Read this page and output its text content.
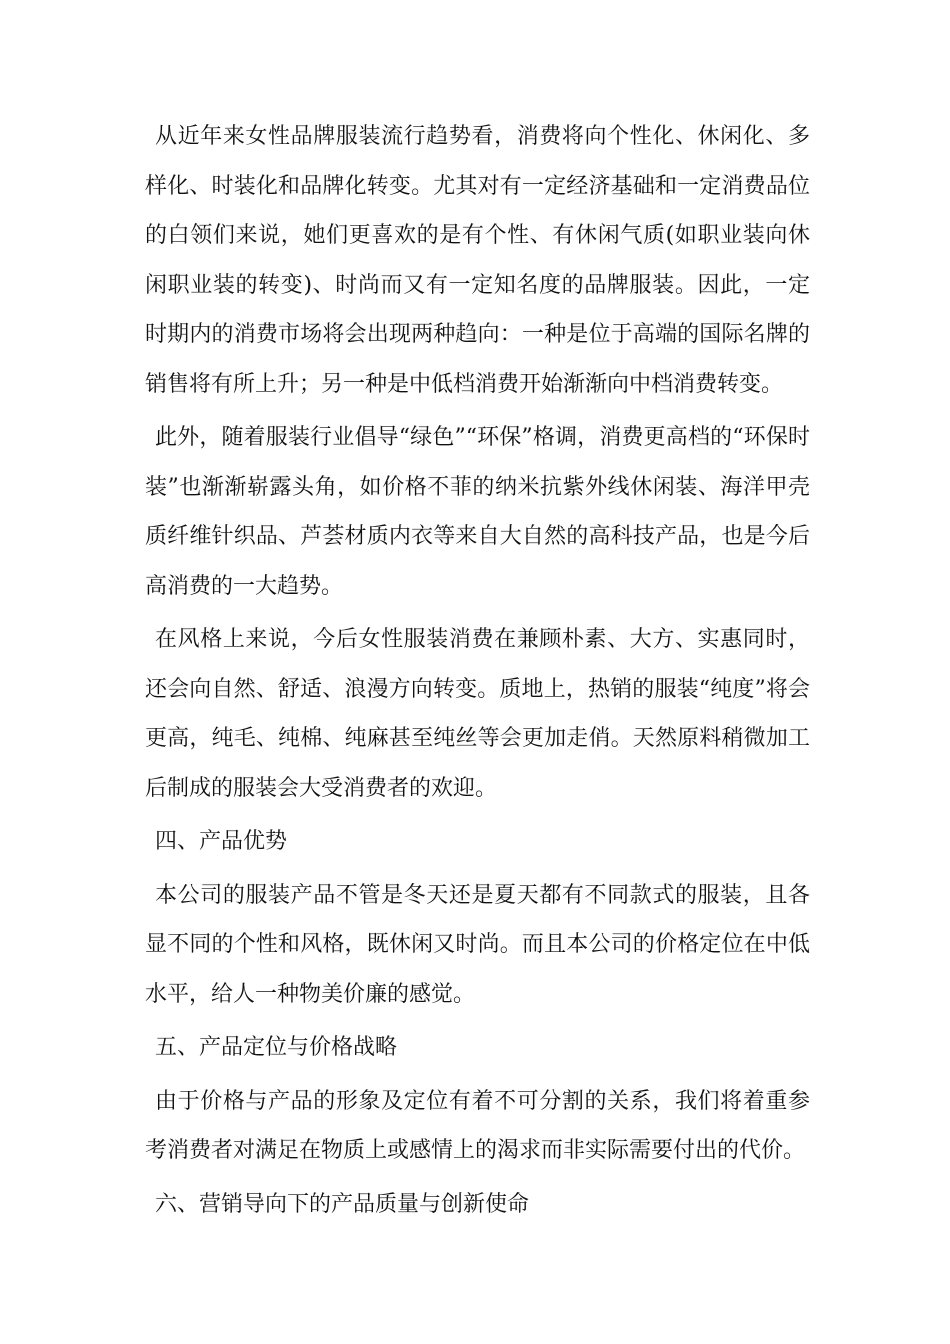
从近年来女性品牌服装流行趋势看，消费将向个性化、休闲化、多样化、时装化和品牌化转变。尤其对有一定经济基础和一定消费品位的白领们来说，她们更喜欢的是有个性、有休闲气质(如职业装向休闲职业装的转变)、时尚而又有一定知名度的品牌服装。因此，一定时期内的消费市场将会出现两种趋向：一种是位于高端的国际名牌的销售将有所上升；另一种是中低档消费开始渐渐向中档消费转变。

此外，随着服装行业倡导“绿色”“环保”格调，消费更高档的“环保时装”也渐渐崭露头角，如价格不菲的纳米抗紫外线休闲装、海洋甲壳质纤维针织品、芦荟材质内衣等来自大自然的高科技产品，也是今后高消费的一大趋势。

在风格上来说，今后女性服装消费在兼顾朴素、大方、实惠同时，还会向自然、舒适、浪漫方向转变。质地上，热销的服装“纯度”将会更高，纯毛、纯棉、纯麻甚至纯丝等会更加走俏。天然原料稍微加工后制成的服装会大受消费者的欢迎。

四、产品优势

本公司的服装产品不管是冬天还是夏天都有不同款式的服装，且各显不同的个性和风格，既休闲又时尚。而且本公司的价格定位在中低水平，给人一种物美价廉的感觉。

五、产品定位与价格战略

由于价格与产品的形象及定位有着不可分割的关系，我们将着重参考消费者对满足在物质上或感情上的渴求而非实际需要付出的代价。

六、营销导向下的产品质量与创新使命
